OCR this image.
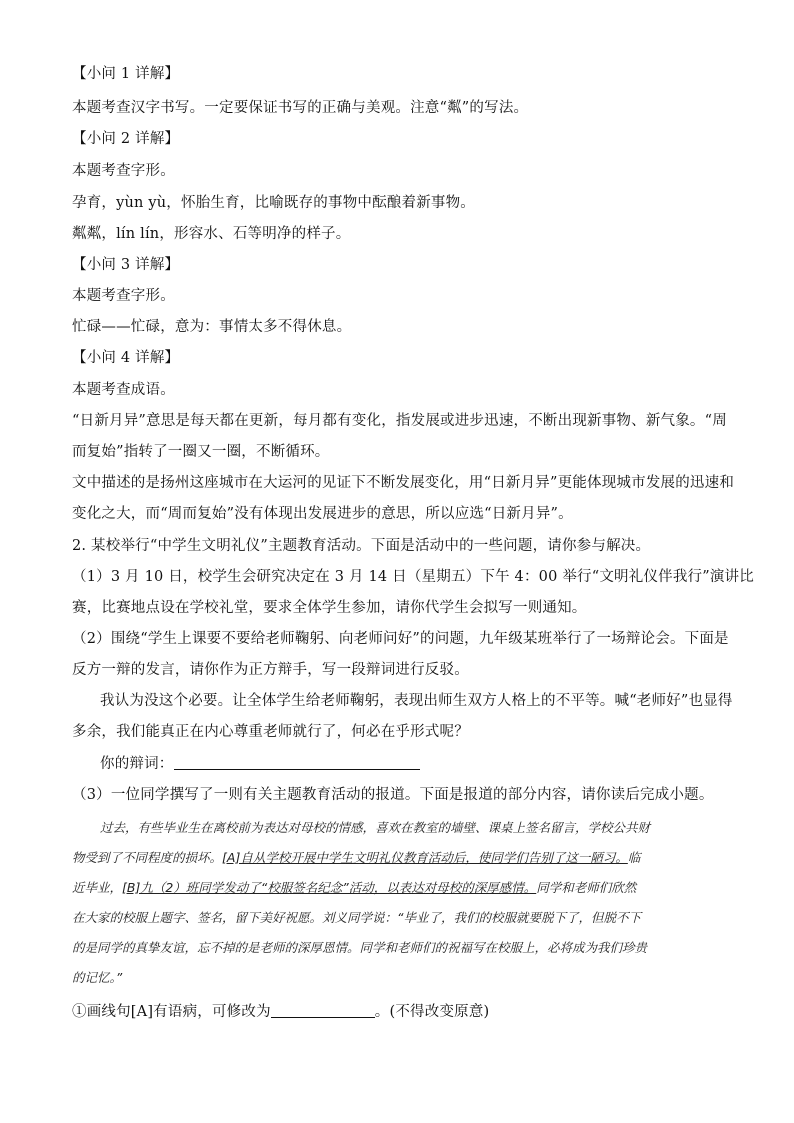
【小问 1 详解】
本题考查汉字书写。一定要保证书写的正确与美观。注意“粼”的写法。
【小问 2 详解】
本题考查字形。
孕育，yùn yù，怀胎生育，比喻既存的事物中酝酿着新事物。
粼粼，lín lín，形容水、石等明净的样子。
【小问 3 详解】
本题考查字形。
忙碌——忙碌，意为：事情太多不得休息。
【小问 4 详解】
本题考查成语。
“日新月异”意思是每天都在更新，每月都有变化，指发展或进步迅速，不断出现新事物、新气象。“周
而复始”指转了一圈又一圈，不断循环。
文中描述的是扬州这座城市在大运河的见证下不断发展变化，用“日新月异”更能体现城市发展的迅速和
变化之大，而“周而复始”没有体现出发展进步的意思，所以应选“日新月异”。
2. 某校举行“中学生文明礼仪”主题教育活动。下面是活动中的一些问题，请你参与解决。
（1）3 月 10 日，校学生会研究决定在 3 月 14 日（星期五）下午 4：00 举行“文明礼仪伴我行”演讲比
赛，比赛地点设在学校礼堂，要求全体学生参加，请你代学生会拟写一则通知。
（2）围绕“学生上课要不要给老师鞠躬、向老师问好”的问题，九年级某班举行了一场辩论会。下面是
反方一辩的发言，请你作为正方辩手，写一段辩词进行反驳。
我认为没这个必要。让全体学生给老师鞠躬，表现出师生双方人格上的不平等。喊“老师好”也显得
多余，我们能真正在内心尊重老师就行了，何必在乎形式呢？
你的辩词：
（3）一位同学撰写了一则有关主题教育活动的报道。下面是报道的部分内容，请你读后完成小题。
过去，有些毕业生在离校前为表达对母校的情感，喜欢在教室的墙壁、课桌上签名留言，学校公共财
物受到了不同程度的损坏。[A]自从学校开展中学生文明礼仪教育活动后，使同学们告别了这一陋习。临
近毕业，[B]九（2）班同学发动了“校服签名纪念”活动，以表达对母校的深厚感情。同学和老师们欣然
在大家的校服上题字、签名，留下美好祝愿。刘义同学说：“毕业了，我们的校服就要脱下了，但脱不下
的是同学的真挚友谊，忘不掉的是老师的深厚恩情。同学和老师们的祝福写在校服上，必将成为我们珍贵
的记忆。”
①画线句[A]有语病，可修改为	。(不得改变原意)
